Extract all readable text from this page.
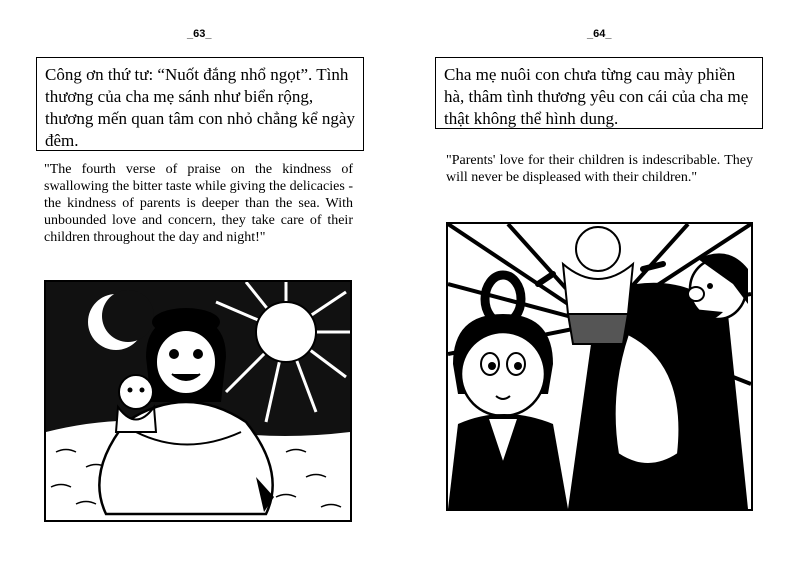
_63_
Công ơn thứ tư: “Nuốt đắng nhổ ngọt”. Tình thương của cha mẹ sánh như biển rộng, thương mến quan tâm con nhỏ chẳng kể ngày đêm.
"The fourth verse of praise on the kindness of swallowing the bitter taste while giving the delicacies - the kindness of parents is deeper than the sea. With unbounded love and concern, they take care of their children throughout the day and night!"
_64_
Cha mẹ nuôi con chưa từng cau mày phiền hà, thâm tình thương yêu con cái của cha mẹ thật không thể hình dung.
"Parents' love for their children is indescribable. They will never be displeased with their children."
